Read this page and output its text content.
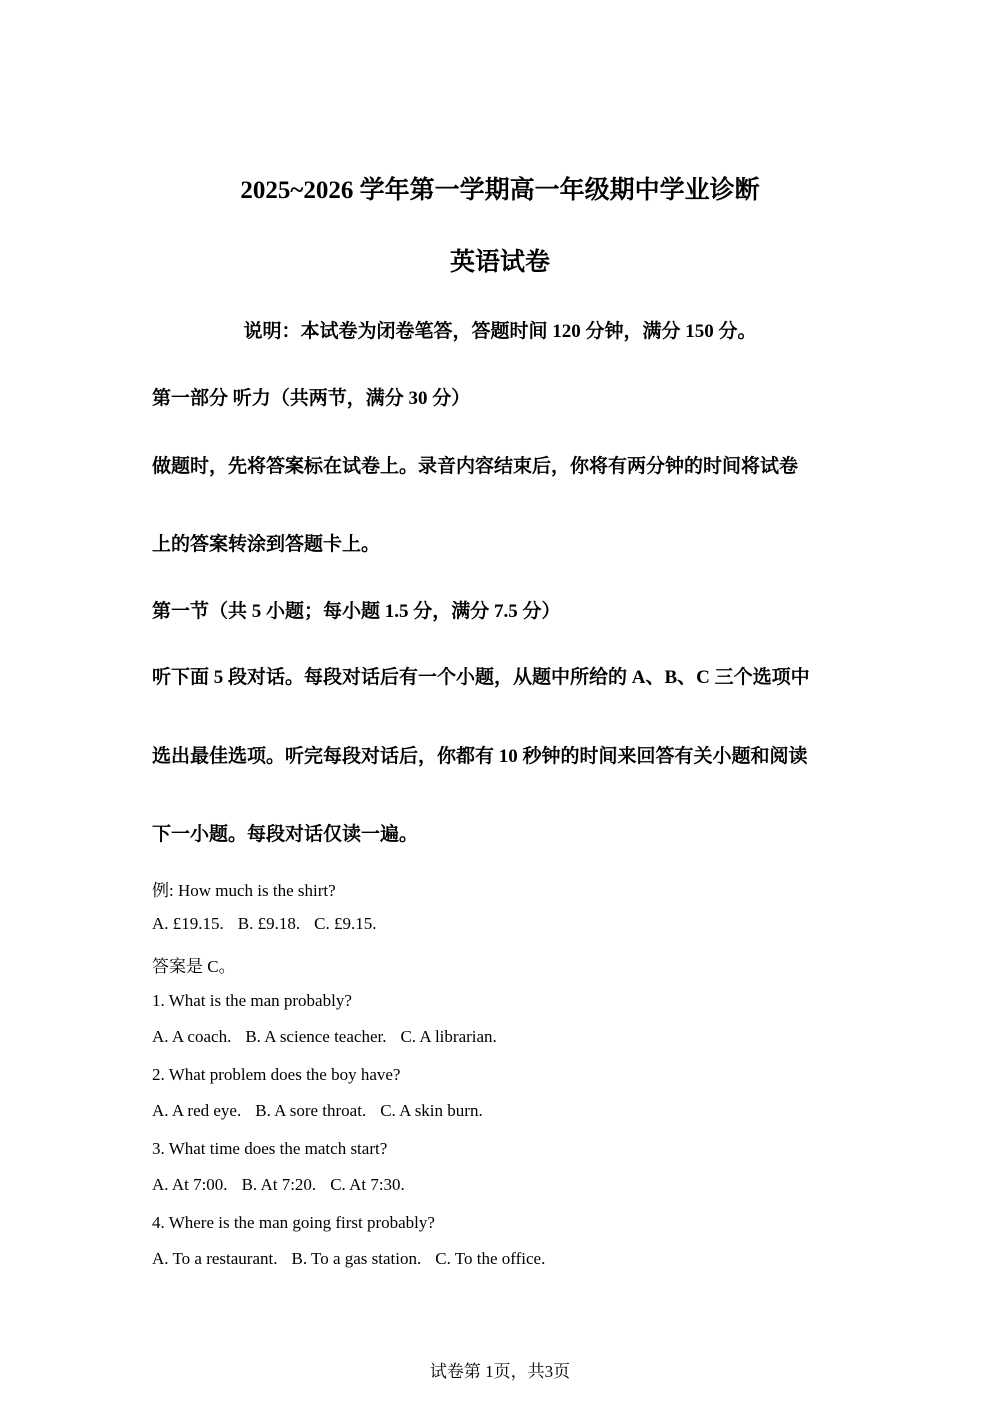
2025~2026 学年第一学期高一年级期中学业诊断
英语试卷
说明：本试卷为闭卷笔答，答题时间 120 分钟，满分 150 分。
第一部分 听力（共两节，满分 30 分）
做题时，先将答案标在试卷上。录音内容结束后，你将有两分钟的时间将试卷
上的答案转涂到答题卡上。
第一节（共 5 小题；每小题 1.5 分，满分 7.5 分）
听下面 5 段对话。每段对话后有一个小题，从题中所给的 A、B、C 三个选项中
选出最佳选项。听完每段对话后，你都有 10 秒钟的时间来回答有关小题和阅读
下一小题。每段对话仅读一遍。
例: How much is the shirt?
A. £19.15. B. £9.18. C. £9.15.
答案是 C。
1. What is the man probably?
A. A coach. B. A science teacher. C. A librarian.
2. What problem does the boy have?
A. A red eye. B. A sore throat. C. A skin burn.
3. What time does the match start?
A. At 7:00. B. At 7:20. C. At 7:30.
4. Where is the man going first probably?
A. To a restaurant. B. To a gas station. C. To the office.
试卷第 1页，共3页
